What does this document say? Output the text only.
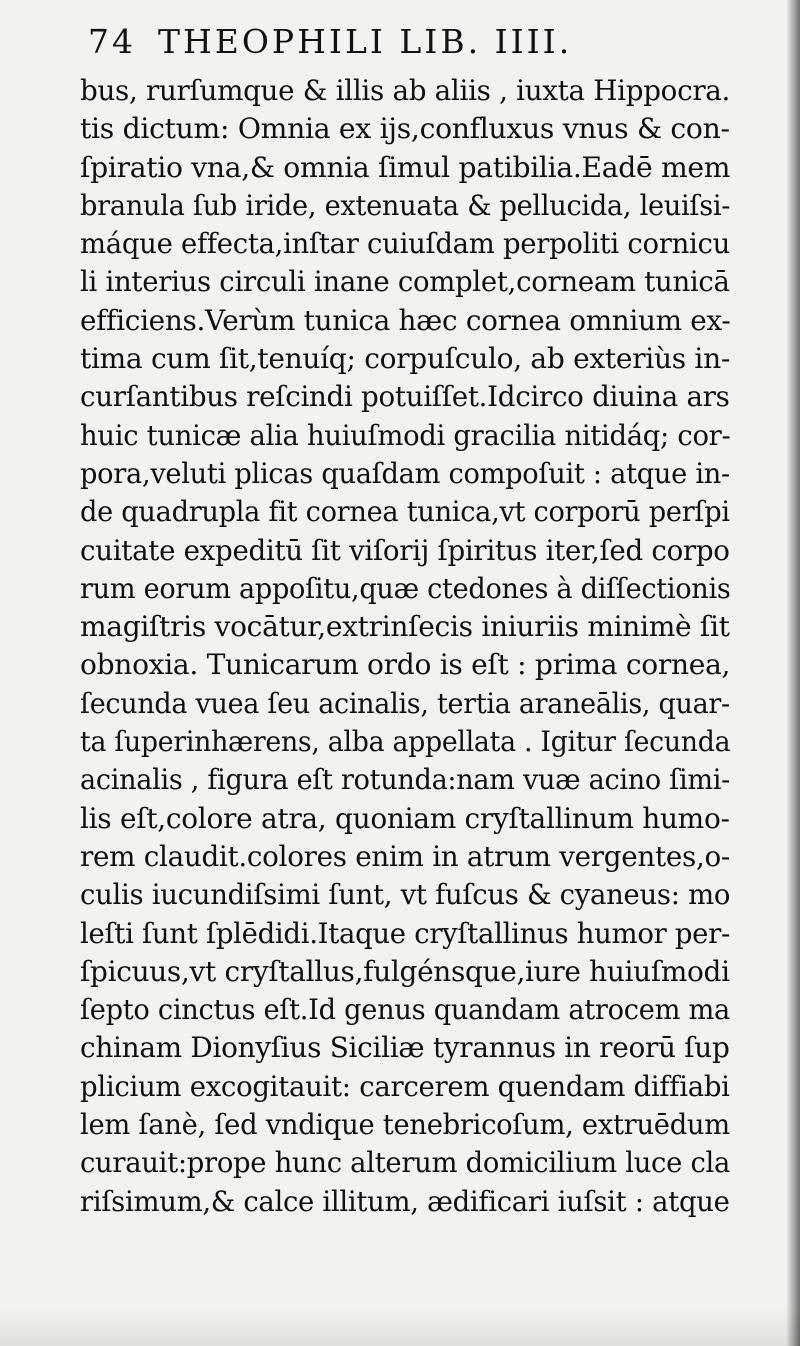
74 THEOPHILI LIB. IIII.
bus, rurſumque & illis ab aliis , iuxta Hippocra.
tis dictum: Omnia ex ijs,confluxus vnus & con-
ſpiratio vna,& omnia ſimul patibilia.Eadē mem
branula ſub iride, extenuata & pellucida, leuiſsi-
máque effecta,inſtar cuiuſdam perpoliti cornicu
li interius circuli inane complet,corneam tunicā
efficiens.Verùm tunica hæc cornea omnium ex-
tima cum ſit,tenuíq; corpuſculo, ab exteriùs in-
curſantibus reſcindi potuiſſet.Idcirco diuina ars
huic tunicæ alia huiuſmodi gracilia nitidáq; cor-
pora,veluti plicas quaſdam compoſuit : atque in-
de quadrupla fit cornea tunica,vt corporū perſpi
cuitate expeditū ſit viſorij ſpiritus iter,ſed corpo
rum eorum appoſitu,quæ ctedones à diſſectionis
magiſtris vocātur,extrinſecis iniuriis minimè ſit
obnoxia. Tunicarum ordo is eſt : prima cornea,
ſecunda vuea ſeu acinalis, tertia araneālis, quar-
ta ſuperinhærens, alba appellata . Igitur ſecunda
acinalis , figura eſt rotunda:nam vuæ acino ſimi-
lis eſt,colore atra, quoniam cryſtallinum humo-
rem claudit.colores enim in atrum vergentes,o-
culis iucundiſsimi ſunt, vt fuſcus & cyaneus: mo
leſti ſunt ſplēdidi.Itaque cryſtallinus humor per-
ſpicuus,vt cryſtallus,fulgénsque,iure huiuſmodi
ſepto cinctus eſt.Id genus quandam atrocem ma
chinam Dionyſius Siciliæ tyrannus in reorū ſup
plicium excogitauit: carcerem quendam diffiabi
lem ſanè, ſed vndique tenebricoſum, extruēdum
curauit:prope hunc alterum domicilium luce cla
riſsimum,& calce illitum, ædificari iuſsit : atque
